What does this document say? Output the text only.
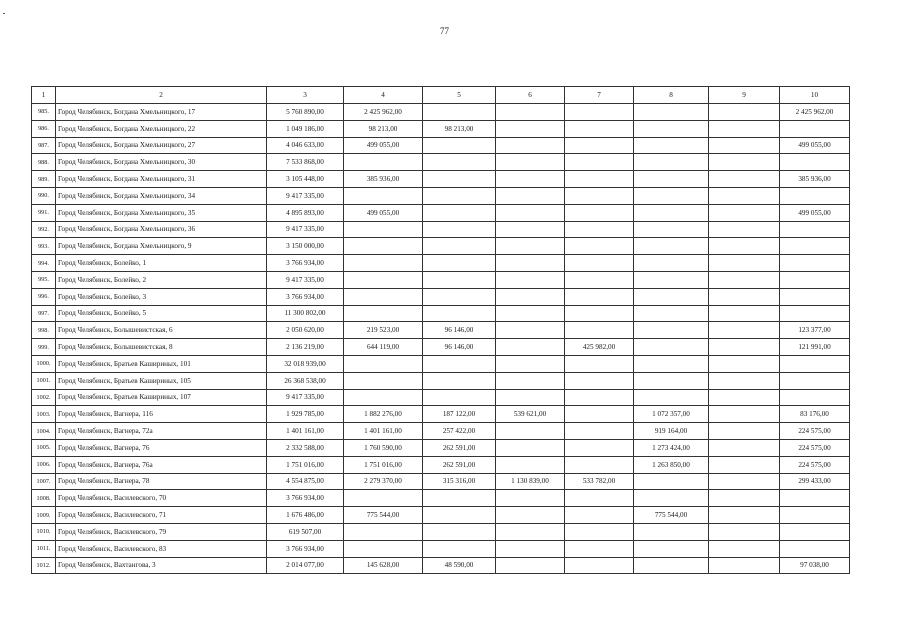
77
1	2	3	4	5	6	7	8	9	10
985.	Город Челябинск, Богдана Хмельницкого, 17	5 760 890,00	2 425 962,00						2 425 962,00
986.	Город Челябинск, Богдана Хмельницкого, 22	1 049 186,00	98 213,00	98 213,00					
987.	Город Челябинск, Богдана Хмельницкого, 27	4 046 633,00	499 055,00						499 055,00
988.	Город Челябинск, Богдана Хмельницкого, 30	7 533 868,00							
989.	Город Челябинск, Богдана Хмельницкого, 31	3 105 448,00	385 936,00						385 936,00
990.	Город Челябинск, Богдана Хмельницкого, 34	9 417 335,00							
991.	Город Челябинск, Богдана Хмельницкого, 35	4 895 893,00	499 055,00						499 055,00
992.	Город Челябинск, Богдана Хмельницкого, 36	9 417 335,00							
993.	Город Челябинск, Богдана Хмельницкого, 9	3 150 000,00							
994.	Город Челябинск, Болейко, 1	3 766 934,00							
995.	Город Челябинск, Болейко, 2	9 417 335,00							
996.	Город Челябинск, Болейко, 3	3 766 934,00							
997.	Город Челябинск, Болейко, 5	11 300 802,00							
998.	Город Челябинск, Болышевистская, 6	2 050 620,00	219 523,00	96 146,00					123 377,00
999.	Город Челябинск, Болышевистская, 8	2 136 219,00	644 119,00	96 146,00		425 982,00			121 991,00
1000.	Город Челябинск, Братьев Кашириных, 101	32 018 939,00							
1001.	Город Челябинск, Братьев Кашириных, 105	26 368 538,00							
1002.	Город Челябинск, Братьев Кашириных, 107	9 417 335,00							
1003.	Город Челябинск, Вагнера, 116	1 929 785,00	1 882 276,00	187 122,00	539 621,00		1 072 357,00		83 176,00
1004.	Город Челябинск, Вагнера, 72а	1 401 161,00	1 401 161,00	257 422,00			919 164,00		224 575,00
1005.	Город Челябинск, Вагнера, 76	2 332 588,00	1 760 590,00	262 591,00			1 273 424,00		224 575,00
1006.	Город Челябинск, Вагнера, 76а	1 751 016,00	1 751 016,00	262 591,00			1 263 850,00		224 575,00
1007.	Город Челябинск, Вагнера, 78	4 554 875,00	2 279 370,00	315 316,00	1 130 839,00	533 782,00			299 433,00
1008.	Город Челябинск, Василевского, 70	3 766 934,00							
1009.	Город Челябинск, Василевского, 71	1 676 486,00	775 544,00				775 544,00		
1010.	Город Челябинск, Василевского, 79	619 507,00							
1011.	Город Челябинск, Василевского, 83	3 766 934,00							
1012.	Город Челябинск, Вахтангова, 3	2 014 077,00	145 628,00	48 590,00					97 038,00
